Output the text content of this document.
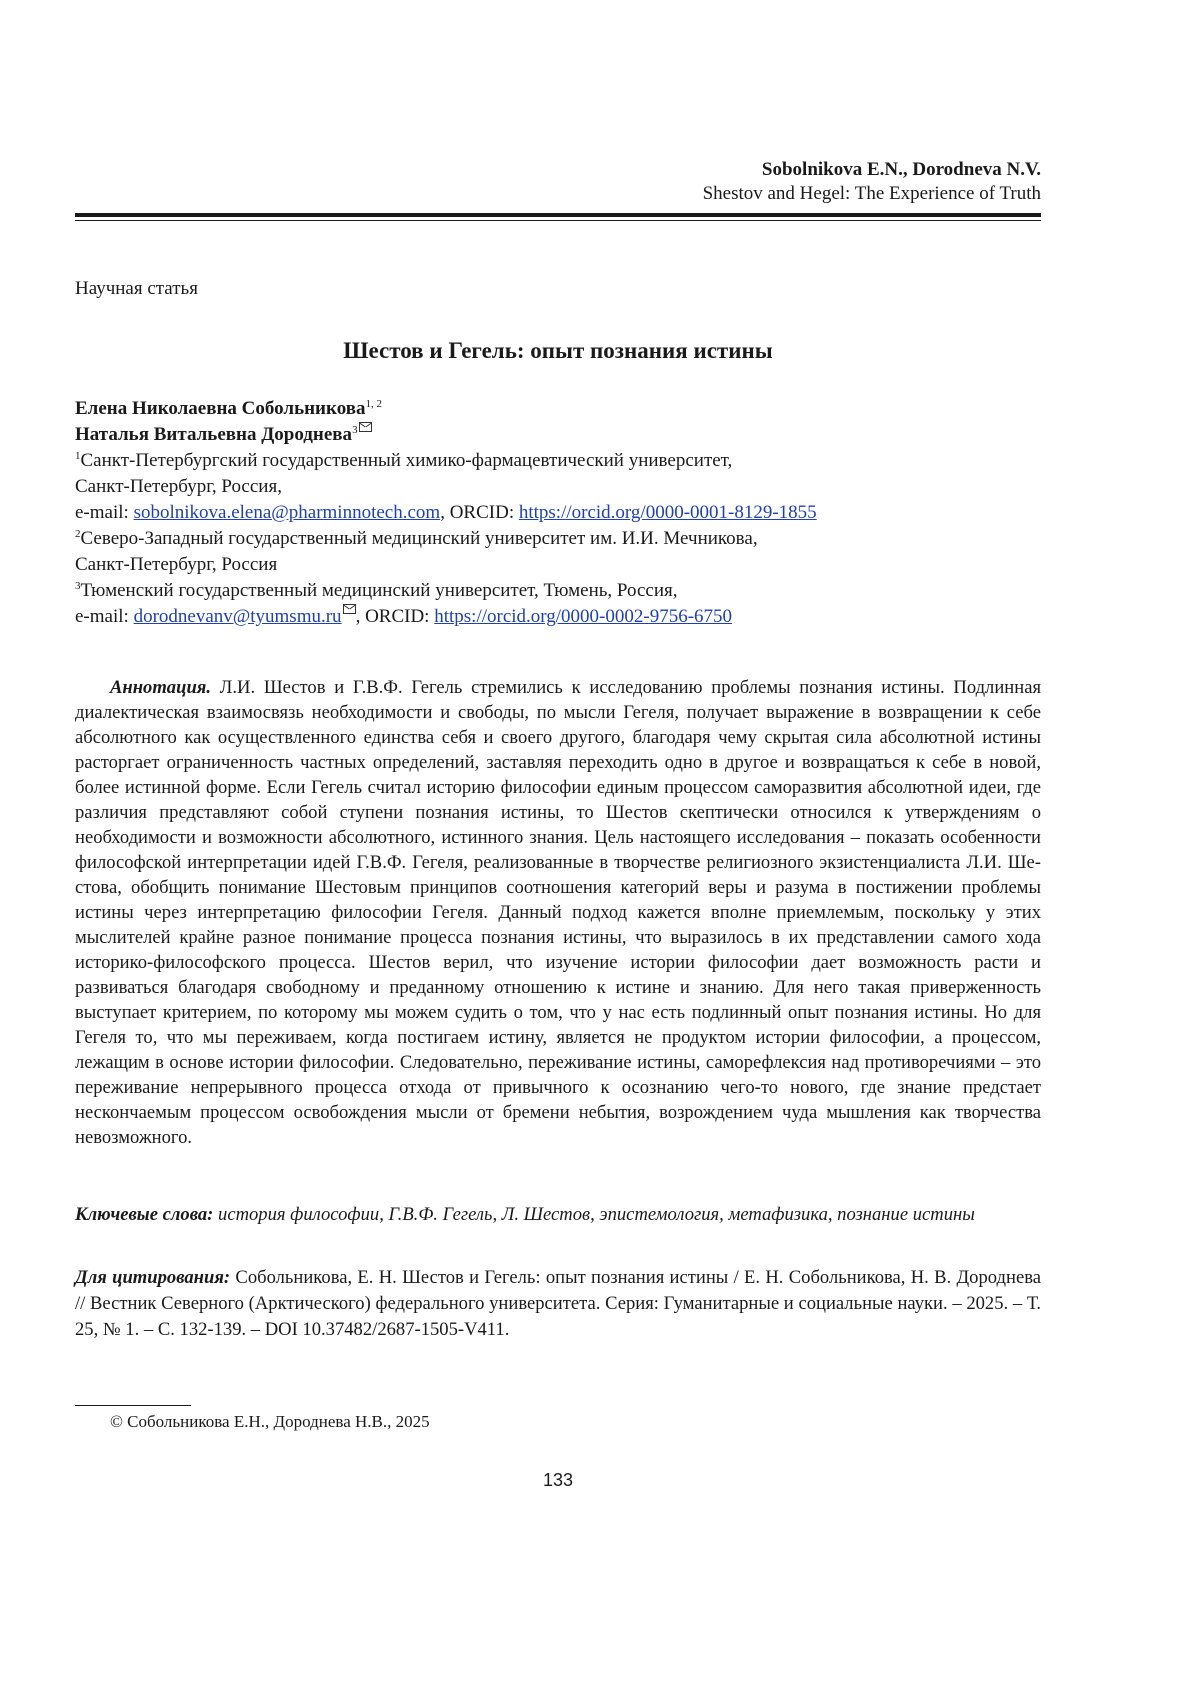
Sobolnikova E.N., Dorodneva N.V.
Shestov and Hegel: The Experience of Truth
Научная статья
Шестов и Гегель: опыт познания истины
Елена Николаевна Собольникова1, 2
Наталья Витальевна Дороднева3
1Санкт-Петербургский государственный химико-фармацевтический университет,
Санкт-Петербург, Россия,
e-mail: sobolnikova.elena@pharminnotech.com, ORCID: https://orcid.org/0000-0001-8129-1855
2Северо-Западный государственный медицинский университет им. И.И. Мечникова,
Санкт-Петербург, Россия
3Тюменский государственный медицинский университет, Тюмень, Россия,
e-mail: dorodnevanv@tyumsmu.ru , ORCID: https://orcid.org/0000-0002-9756-6750
Аннотация. Л.И. Шестов и Г.В.Ф. Гегель стремились к исследованию проблемы познания истины. Подлинная диалектическая взаимосвязь необходимости и свободы, по мысли Гегеля, получает выраже­ние в возвращении к себе абсолютного как осуществленного единства себя и своего другого, благодаря чему скрытая сила абсолютной истины расторгает ограниченность частных определений, заставляя пере­ходить одно в другое и возвращаться к себе в новой, более истинной форме. Если Гегель считал историю философии единым процессом саморазвития абсолютной идеи, где различия представляют собой ступени познания истины, то Шестов скептически относился к утверждениям о необходимости и возможности абсолютного, истинного знания. Цель настоящего исследования – показать особенности философской ин­терпретации идей Г.В.Ф. Гегеля, реализованные в творчестве религиозного экзистенциалиста Л.И. Ше­стова, обобщить понимание Шестовым принципов соотношения категорий веры и разума в постижении проблемы истины через интерпретацию философии Гегеля. Данный подход кажется вполне приемлемым, поскольку у этих мыслителей крайне разное понимание процесса познания истины, что выразилось в их представлении самого хода историко-философского процесса. Шестов верил, что изучение истории фило­софии дает возможность расти и развиваться благодаря свободному и преданному отношению к истине и знанию. Для него такая приверженность выступает критерием, по которому мы можем судить о том, что у нас есть подлинный опыт познания истины. Но для Гегеля то, что мы переживаем, когда постигаем истину, является не продуктом истории философии, а процессом, лежащим в основе истории философии. Следо­вательно, переживание истины, саморефлексия над противоречиями – это переживание непрерывного про­цесса отхода от привычного к осознанию чего-то нового, где знание предстает нескончаемым процессом освобождения мысли от бремени небытия, возрождением чуда мышления как творчества невозможного.
Ключевые слова: история философии, Г.В.Ф. Гегель, Л. Шестов, эпистемология, метафизика, познание истины
Для цитирования: Собольникова, Е. Н. Шестов и Гегель: опыт познания истины / Е. Н. Собольникова, Н. В. Дороднева // Вестник Северного (Арктического) федерального университета. Серия: Гуманитарные и социальные науки. – 2025. – Т. 25, № 1. – С. 132-139. – DOI 10.37482/2687-1505-V411.
© Собольникова Е.Н., Дороднева Н.В., 2025
133
